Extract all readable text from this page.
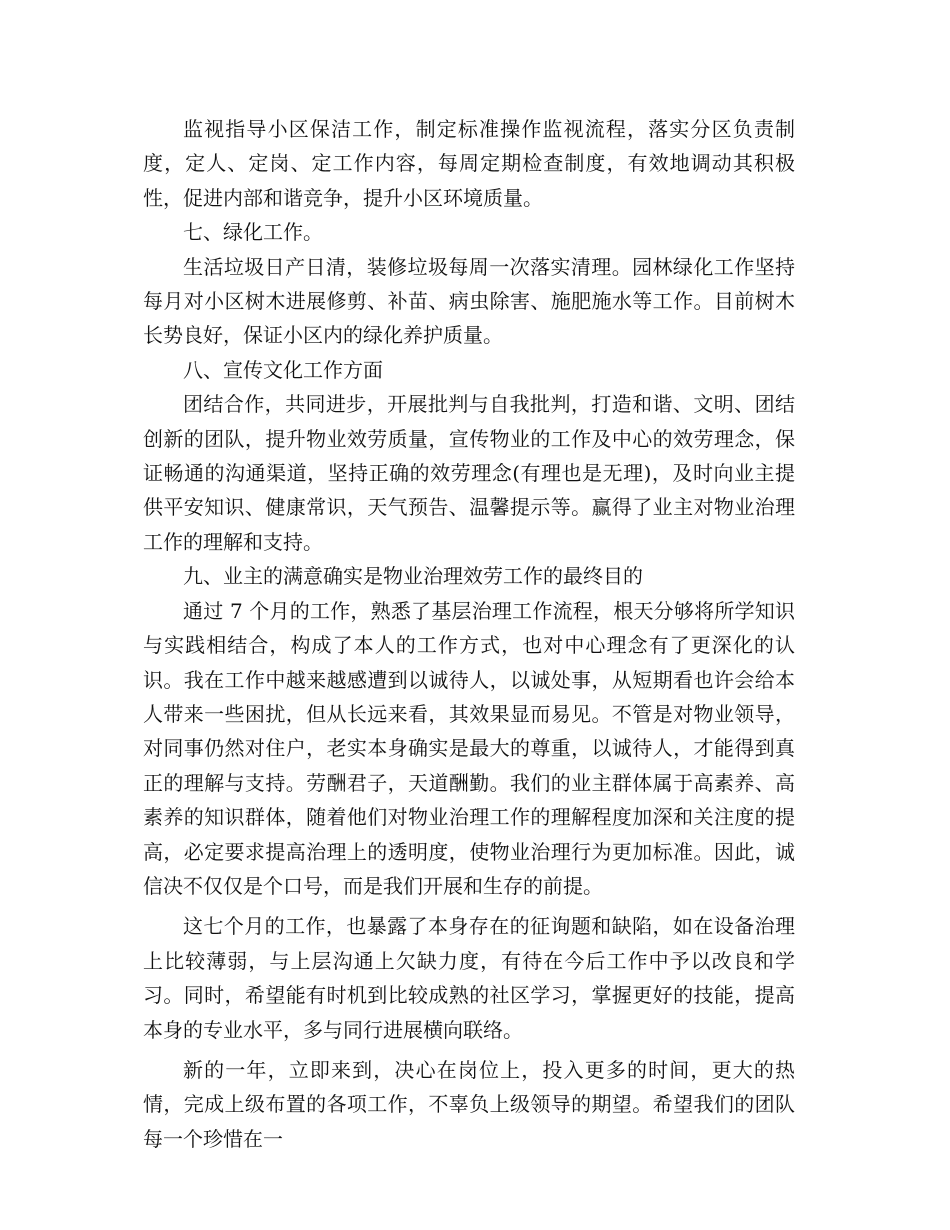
监视指导小区保洁工作，制定标准操作监视流程，落实分区负责制度，定人、定岗、定工作内容，每周定期检查制度，有效地调动其积极性，促进内部和谐竞争，提升小区环境质量。

七、绿化工作。

生活垃圾日产日清，装修垃圾每周一次落实清理。园林绿化工作坚持每月对小区树木进展修剪、补苗、病虫除害、施肥施水等工作。目前树木长势良好，保证小区内的绿化养护质量。

八、宣传文化工作方面

团结合作，共同进步，开展批判与自我批判，打造和谐、文明、团结创新的团队，提升物业效劳质量，宣传物业的工作及中心的效劳理念，保证畅通的沟通渠道，坚持正确的效劳理念(有理也是无理)，及时向业主提供平安知识、健康常识，天气预告、温馨提示等。赢得了业主对物业治理工作的理解和支持。

九、业主的满意确实是物业治理效劳工作的最终目的

通过 7 个月的工作，熟悉了基层治理工作流程，根天分够将所学知识与实践相结合，构成了本人的工作方式，也对中心理念有了更深化的认识。我在工作中越来越感遭到以诚待人，以诚处事，从短期看也许会给本人带来一些困扰，但从长远来看，其效果显而易见。不管是对物业领导，对同事仍然对住户，老实本身确实是最大的尊重，以诚待人，才能得到真正的理解与支持。劳酬君子，天道酬勤。我们的业主群体属于高素养、高素养的知识群体，随着他们对物业治理工作的理解程度加深和关注度的提高，必定要求提高治理上的透明度，使物业治理行为更加标准。因此，诚信决不仅仅是个口号，而是我们开展和生存的前提。

这七个月的工作，也暴露了本身存在的征询题和缺陷，如在设备治理上比较薄弱，与上层沟通上欠缺力度，有待在今后工作中予以改良和学习。同时，希望能有时机到比较成熟的社区学习，掌握更好的技能，提高本身的专业水平，多与同行进展横向联络。

新的一年，立即来到，决心在岗位上，投入更多的时间，更大的热情，完成上级布置的各项工作，不辜负上级领导的期望。希望我们的团队每一个珍惜在一
